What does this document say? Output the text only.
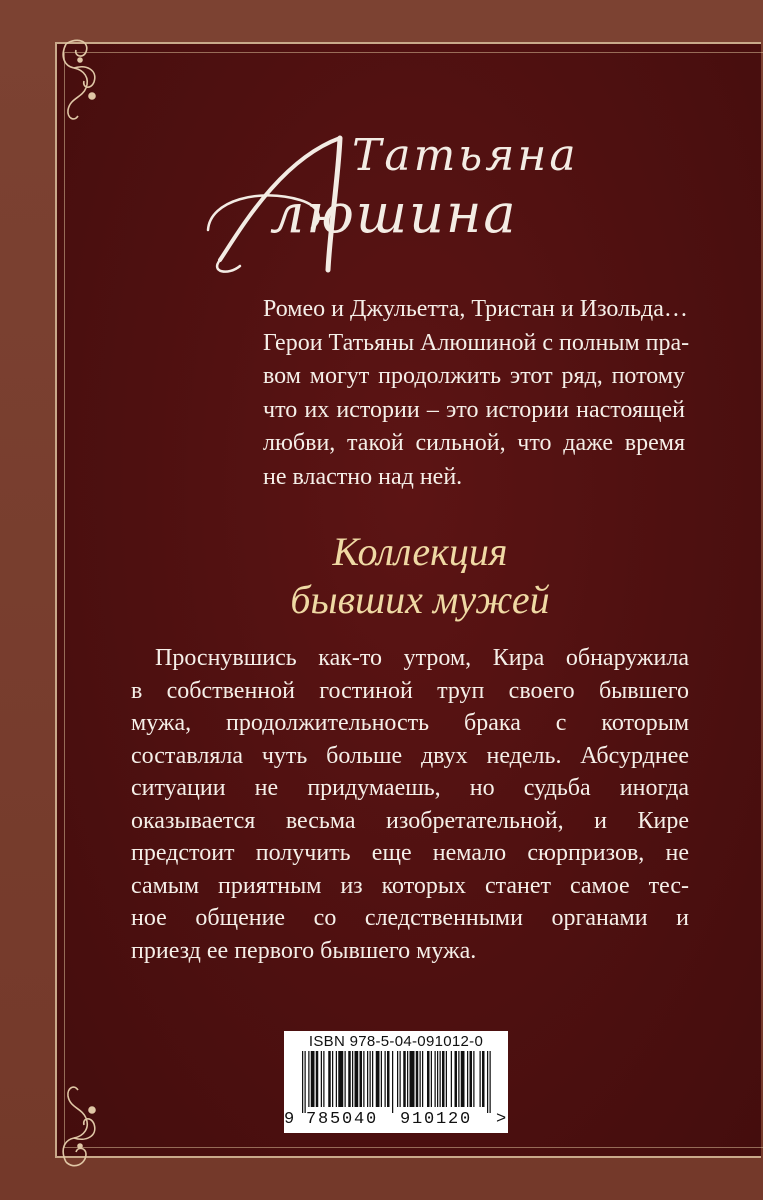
Татьяна
люшина
Ромео и Джульетта, Тристан и Изольда…
Герои Татьяны Алюшиной с полным пра-
вом могут продолжить этот ряд, потому
что их истории – это истории настоящей
любви, такой сильной, что даже время
не властно над ней.
Коллекция
бывших мужей
Проснувшись как-то утром, Кира обнаружила
в собственной гостиной труп своего бывшего
мужа, продолжительность брака с которым
составляла чуть больше двух недель. Абсурднее
ситуации не придумаешь, но судьба иногда
оказывается весьма изобретательной, и Кире
предстоит получить еще немало сюрпризов, не
самым приятным из которых станет самое тес-
ное общение со следственными органами и
приезд ее первого бывшего мужа.
ISBN 978-5-04-091012-0
9 785040 910120 >
